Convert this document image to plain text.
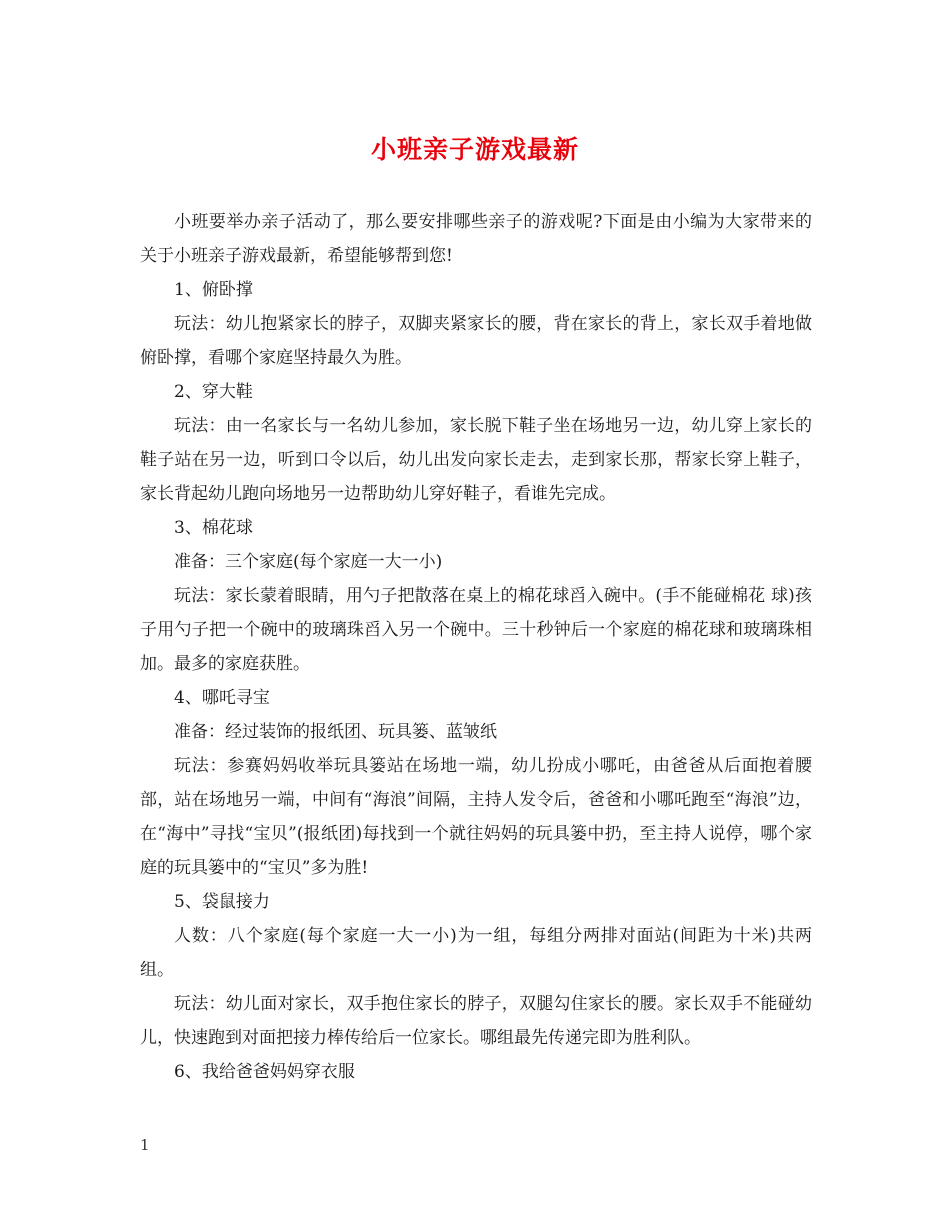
小班亲子游戏最新

小班要举办亲子活动了，那么要安排哪些亲子的游戏呢?下面是由小编为大家带来的关于小班亲子游戏最新，希望能够帮到您!

1、俯卧撑

玩法：幼儿抱紧家长的脖子，双脚夹紧家长的腰，背在家长的背上，家长双手着地做俯卧撑，看哪个家庭坚持最久为胜。

2、穿大鞋

玩法：由一名家长与一名幼儿参加，家长脱下鞋子坐在场地另一边，幼儿穿上家长的鞋子站在另一边，听到口令以后，幼儿出发向家长走去，走到家长那，帮家长穿上鞋子，家长背起幼儿跑向场地另一边帮助幼儿穿好鞋子，看谁先完成。

3、棉花球

准备：三个家庭(每个家庭一大一小)

玩法：家长蒙着眼睛，用勺子把散落在桌上的棉花球舀入碗中。(手不能碰棉花 球)孩子用勺子把一个碗中的玻璃珠舀入另一个碗中。三十秒钟后一个家庭的棉花球和玻璃珠相加。最多的家庭获胜。

4、哪吒寻宝

准备：经过装饰的报纸团、玩具篓、蓝皱纸

玩法：参赛妈妈收举玩具篓站在场地一端，幼儿扮成小哪吒，由爸爸从后面抱着腰部，站在场地另一端，中间有“海浪”间隔，主持人发令后，爸爸和小哪吒跑至“海浪”边，在“海中”寻找“宝贝”(报纸团)每找到一个就往妈妈的玩具篓中扔，至主持人说停，哪个家庭的玩具篓中的“宝贝”多为胜!

5、袋鼠接力

人数：八个家庭(每个家庭一大一小)为一组，每组分两排对面站(间距为十米)共两组。

玩法：幼儿面对家长，双手抱住家长的脖子，双腿勾住家长的腰。家长双手不能碰幼儿，快速跑到对面把接力棒传给后一位家长。哪组最先传递完即为胜利队。

6、我给爸爸妈妈穿衣服

1
